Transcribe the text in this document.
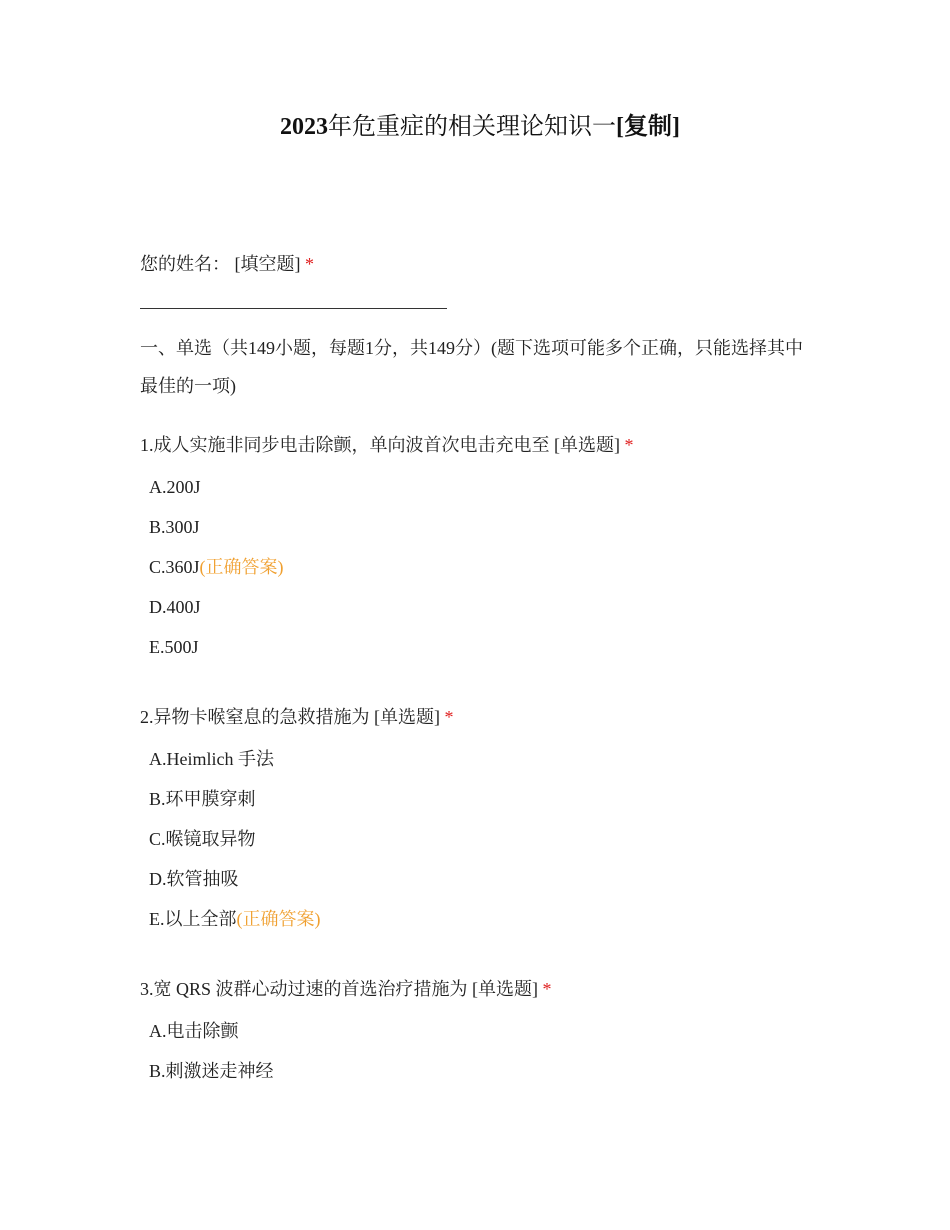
2023年危重症的相关理论知识一[复制]
您的姓名： [填空题] *
一、单选（共149小题，每题1分，共149分）(题下选项可能多个正确，只能选择其中最佳的一项)
1.成人实施非同步电击除颤，单向波首次电击充电至 [单选题] *
A.200J
B.300J
C.360J(正确答案)
D.400J
E.500J
2.异物卡喉窒息的急救措施为 [单选题] *
A.Heimlich 手法
B.环甲膜穿刺
C.喉镜取异物
D.软管抽吸
E.以上全部(正确答案)
3.宽 QRS 波群心动过速的首选治疗措施为 [单选题] *
A.电击除颤
B.刺激迷走神经
